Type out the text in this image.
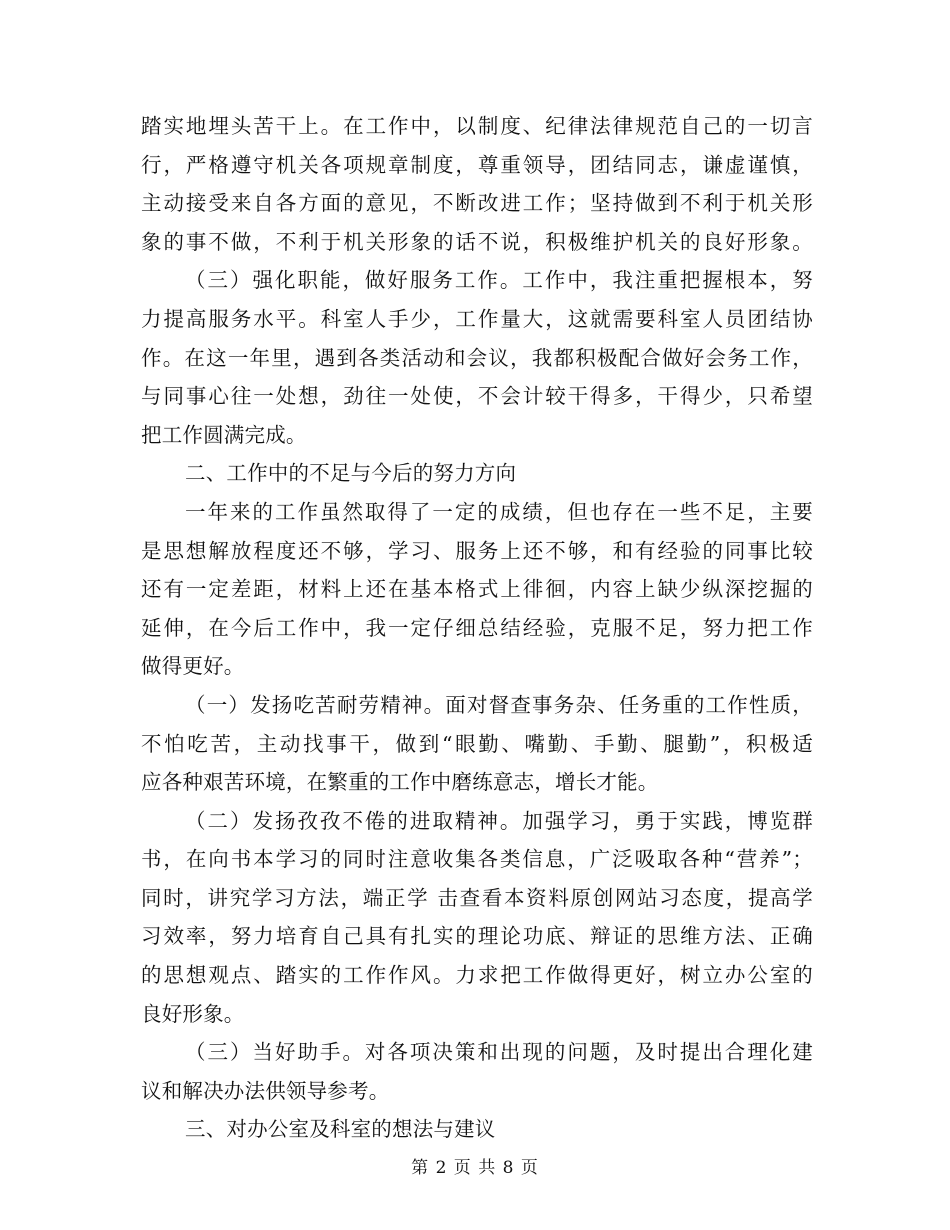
踏实地埋头苦干上。在工作中，以制度、纪律法律规范自己的一切言
行，严格遵守机关各项规章制度，尊重领导，团结同志，谦虚谨慎，
主动接受来自各方面的意见，不断改进工作；坚持做到不利于机关形
象的事不做，不利于机关形象的话不说，积极维护机关的良好形象。
（三）强化职能，做好服务工作。工作中，我注重把握根本，努
力提高服务水平。科室人手少，工作量大，这就需要科室人员团结协
作。在这一年里，遇到各类活动和会议，我都积极配合做好会务工作，
与同事心往一处想，劲往一处使，不会计较干得多，干得少，只希望
把工作圆满完成。
二、工作中的不足与今后的努力方向
一年来的工作虽然取得了一定的成绩，但也存在一些不足，主要
是思想解放程度还不够，学习、服务上还不够，和有经验的同事比较
还有一定差距，材料上还在基本格式上徘徊，内容上缺少纵深挖掘的
延伸，在今后工作中，我一定仔细总结经验，克服不足，努力把工作
做得更好。
（一）发扬吃苦耐劳精神。面对督查事务杂、任务重的工作性质，
不怕吃苦，主动找事干，做到“眼勤、嘴勤、手勤、腿勤”，积极适
应各种艰苦环境，在繁重的工作中磨练意志，增长才能。
（二）发扬孜孜不倦的进取精神。加强学习，勇于实践，博览群
书，在向书本学习的同时注意收集各类信息，广泛吸取各种“营养”；
同时，讲究学习方法，端正学 击查看本资料原创网站习态度，提高学
习效率，努力培育自己具有扎实的理论功底、辩证的思维方法、正确
的思想观点、踏实的工作作风。力求把工作做得更好，树立办公室的
良好形象。
（三）当好助手。对各项决策和出现的问题，及时提出合理化建
议和解决办法供领导参考。
三、对办公室及科室的想法与建议
第 2 页 共 8 页
